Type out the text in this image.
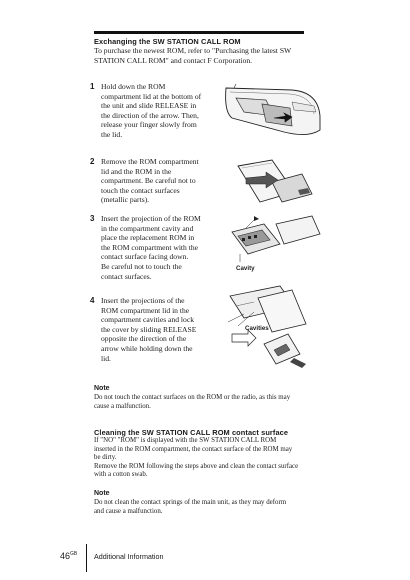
Exchanging the SW STATION CALL ROM
To purchase the newest ROM, refer to "Purchasing the latest SW
STATION CALL ROM" and contact F Corporation.
1 Hold down the ROM
compartment lid at the bottom of
the unit and slide RELEASE in
the direction of the arrow. Then,
release your finger slowly from
the lid.
2 Remove the ROM compartment
lid and the ROM in the
compartment. Be careful not to
touch the contact surfaces
(metallic parts).
3 Insert the projection of the ROM
in the compartment cavity and
place the replacement ROM in
the ROM compartment with the
contact surface facing down.
Be careful not to touch the
contact surfaces.
Cavity
4 Insert the projections of the
ROM compartment lid in the
compartment cavities and lock
the cover by sliding RELEASE
opposite the direction of the
arrow while holding down the
lid.
Cavities
Note
Do not touch the contact surfaces on the ROM or the radio, as this may
cause a malfunction.
Cleaning the SW STATION CALL ROM contact surface
If "NO" "ROM" is displayed with the SW STATION CALL ROM
inserted in the ROM compartment, the contact surface of the ROM may
be dirty.
Remove the ROM following the steps above and clean the contact surface
with a cotton swab.
Note
Do not clean the contact springs of the main unit, as they may deform
and cause a malfunction.
$46^{GB}$ Additional Information
